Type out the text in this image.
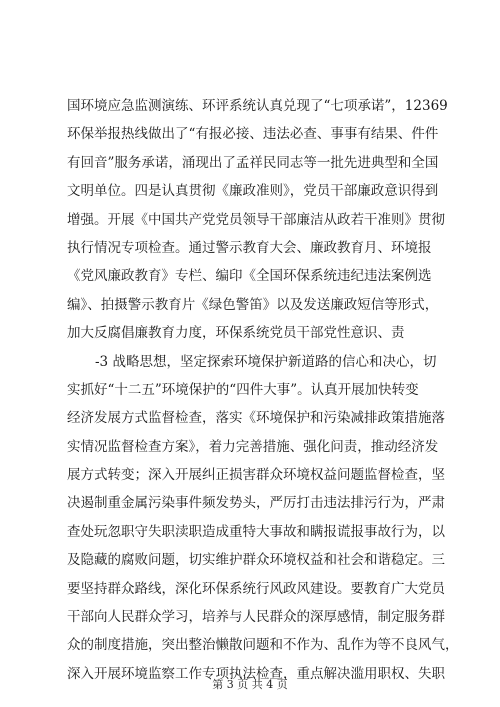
国环境应急监测演练、环评系统认真兑现了“七项承诺”，12369
环保举报热线做出了“有报必接、违法必查、事事有结果、件件
有回音”服务承诺，涌现出了孟祥民同志等一批先进典型和全国
文明单位。四是认真贯彻《廉政准则》，党员干部廉政意识得到
增强。开展《中国共产党党员领导干部廉洁从政若干准则》贯彻
执行情况专项检查。通过警示教育大会、廉政教育月、环境报
《党风廉政教育》专栏、编印《全国环保系统违纪违法案例选
编》、拍摄警示教育片《绿色警笛》以及发送廉政短信等形式，
加大反腐倡廉教育力度，环保系统党员干部党性意识、责
-3 战略思想，坚定探索环境保护新道路的信心和决心，切
实抓好“十二五”环境保护的“四件大事”。认真开展加快转变
经济发展方式监督检查，落实《环境保护和污染减排政策措施落
实情况监督检查方案》，着力完善措施、强化问责，推动经济发
展方式转变；深入开展纠正损害群众环境权益问题监督检查，坚
决遏制重金属污染事件频发势头，严厉打击违法排污行为，严肃
查处玩忽职守失职渎职造成重特大事故和瞒报谎报事故行为，以
及隐藏的腐败问题，切实维护群众环境权益和社会和谐稳定。三
要坚持群众路线，深化环保系统行风政风建设。要教育广大党员
干部向人民群众学习，培养与人民群众的深厚感情，制定服务群
众的制度措施，突出整治懒散问题和不作为、乱作为等不良风气，
深入开展环境监察工作专项执法检查，重点解决滥用职权、失职
第 3 页 共 4 页
